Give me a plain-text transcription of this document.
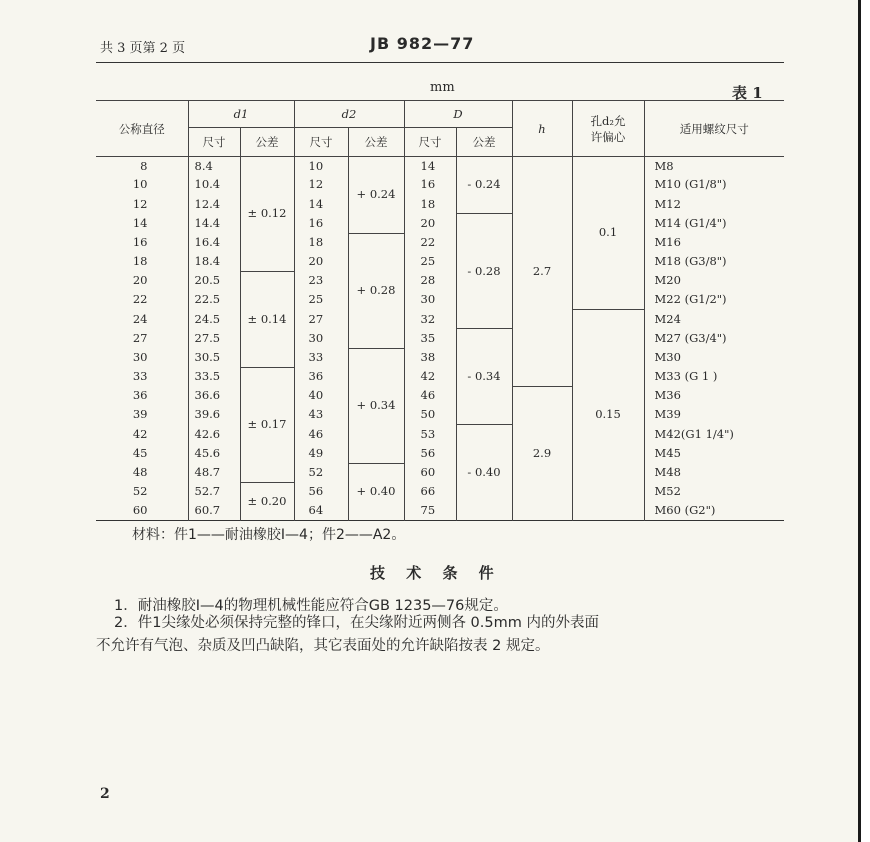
共 3 页第 2 页	JB 982—77
mm	表 1
公称直径	d1		d2		D		h	孔d₂允
许偏心	适用螺纹尺寸
	尺寸	公差	尺寸	公差	尺寸	公差			
8	8.4	± 0.12	10	+ 0.24	14	- 0.24	2.7	0.1	M8
10	10.4		12		16				M10 (G1/8")
12	12.4		14		18				M12
14	14.4		16		20	- 0.28			M14 (G1/4")
16	16.4		18	+ 0.28	22				M16
18	18.4		20		25				M18 (G3/8")
20	20.5	± 0.14	23		28				M20
22	22.5		25		30				M22 (G1/2")
24	24.5		27		32			0.15	M24
27	27.5		30		35	- 0.34			M27 (G3/4")
30	30.5		33	+ 0.34	38				M30
33	33.5	± 0.17	36		42				M33 (G 1 )
36	36.6		40		46		2.9		M36
39	39.6		43		50				M39
42	42.6		46		53	- 0.40			M42(G1 1/4")
45	45.6		49		56				M45
48	48.7		52	+ 0.40	60				M48
52	52.7	± 0.20	56		66				M52
60	60.7		64		75				M60 (G2")
材料：件1——耐油橡胶Ⅰ—4；件2——A2。
技 术 条 件
1．耐油橡胶Ⅰ—4的物理机械性能应符合GB 1235—76规定。
2．件1尖缘处必须保持完整的锋口，在尖缘附近两侧各 0.5mm 内的外表面
不允许有气泡、杂质及凹凸缺陷，其它表面处的允许缺陷按表 2 规定。
2
